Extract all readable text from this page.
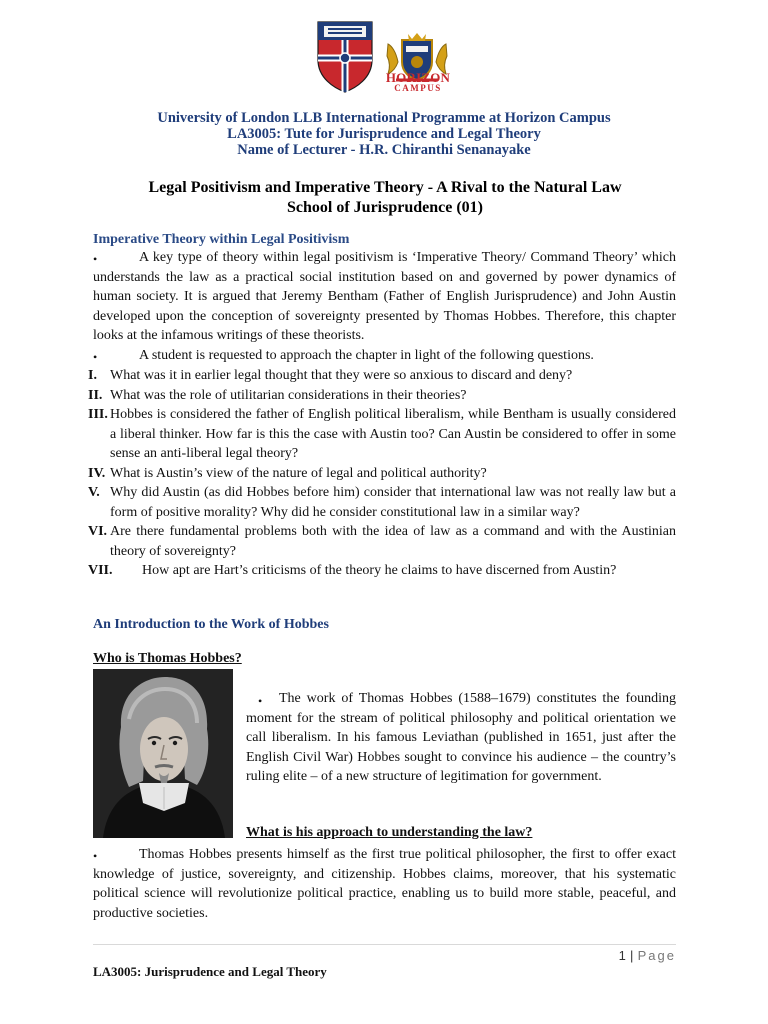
HORIZON
CAMPUS
University of London LLB International Programme at Horizon Campus
LA3005: Tute for Jurisprudence and Legal Theory
Name of Lecturer - H.R. Chiranthi Senanayake
Legal Positivism and Imperative Theory - A Rival to the Natural Law
School of Jurisprudence (01)
Imperative Theory within Legal Positivism
•	A key type of theory within legal positivism is ‘Imperative Theory/ Command Theory’ which understands the law as a practical social institution based on and governed by power dynamics of human society. It is argued that Jeremy Bentham (Father of English Jurisprudence) and John Austin developed upon the conception of sovereignty presented by Thomas Hobbes. Therefore, this chapter looks at the infamous writings of these theorists.
•	A student is requested to approach the chapter in light of the following questions.
I. What was it in earlier legal thought that they were so anxious to discard and deny?
II. What was the role of utilitarian considerations in their theories?
III. Hobbes is considered the father of English political liberalism, while Bentham is usually considered a liberal thinker. How far is this the case with Austin too? Can Austin be considered to offer in some sense an anti-liberal legal theory?
IV. What is Austin’s view of the nature of legal and political authority?
V. Why did Austin (as did Hobbes before him) consider that international law was not really law but a form of positive morality? Why did he consider constitutional law in a similar way?
VI. Are there fundamental problems both with the idea of law as a command and with the Austinian theory of sovereignty?
VII.	How apt are Hart’s criticisms of the theory he claims to have discerned from Austin?
An Introduction to the Work of Hobbes
Who is Thomas Hobbes?
•	The work of Thomas Hobbes (1588–1679) constitutes the founding moment for the stream of political philosophy and political orientation we call liberalism. In his famous Leviathan (published in 1651, just after the English Civil War) Hobbes sought to convince his audience – the country’s ruling elite – of a new structure of legitimation for government.
What is his approach to understanding the law?
•	Thomas Hobbes presents himself as the first true political philosopher, the first to offer exact knowledge of justice, sovereignty, and citizenship. Hobbes claims, moreover, that his systematic political science will revolutionize political practice, enabling us to build more stable, peaceful, and productive societies.
1 | Page
LA3005: Jurisprudence and Legal Theory
